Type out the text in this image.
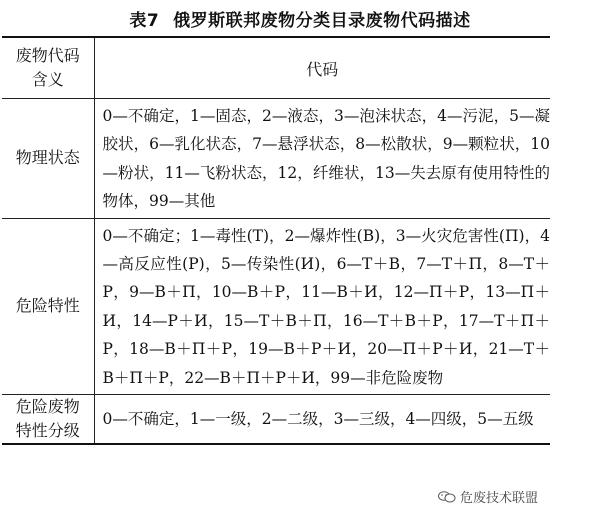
表7 俄罗斯联邦废物分类目录废物代码描述
废物代码
含义	代码

物理状态	0—不确定，1—固态，2—液态，3—泡沫状态，4—污泥，5—凝胶状，6—乳化状态，7—悬浮状态，8—松散状，9—颗粒状，10—粉状，11—飞粉状态，12，纤维状，13—失去原有使用特性的物体，99—其他

危险特性	0—不确定；1—毒性(Т)，2—爆炸性(В)，3—火灾危害性(П)，4—高反应性(Р)，5—传染性(И)，6—Т＋В，7—Т＋П，8—Т＋Р，9—В＋П，10—В＋Р，11—В＋И，12—П＋Р，13—П＋И，14—Р＋И，15—Т＋В＋П，16—Т＋В＋Р，17—Т＋П＋Р，18—В＋П＋Р，19—В＋Р＋И，20—П＋Р＋И，21—Т＋В＋П＋Р，22—В＋П＋Р＋И，99—非危险废物

危险废物
特性分级	0—不确定，1—一级，2—二级，3—三级，4—四级，5—五级
危废技术联盟
